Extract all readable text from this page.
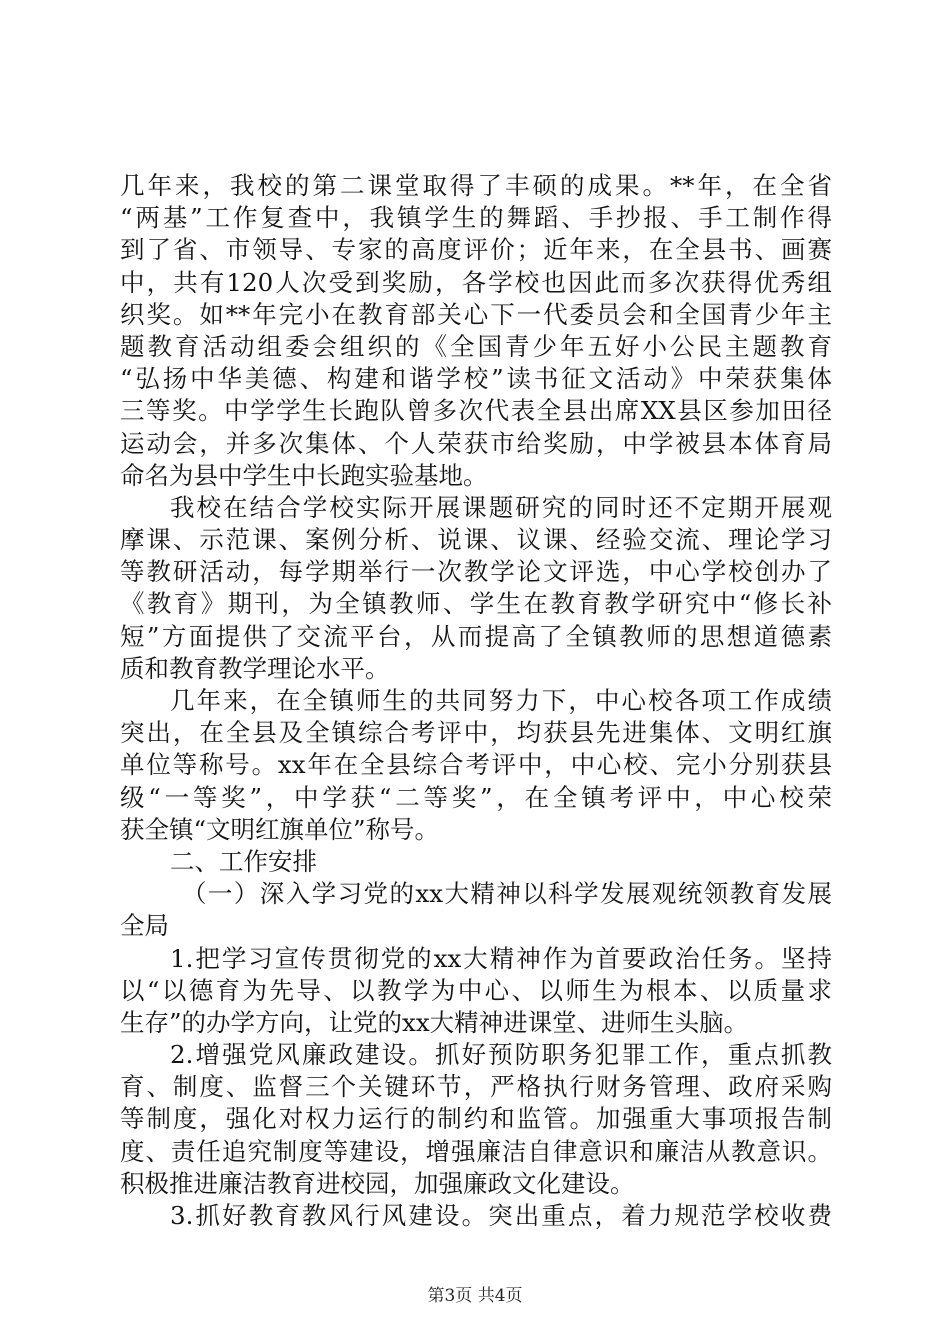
几年来，我校的第二课堂取得了丰硕的成果。**年，在全省
“两基”工作复查中，我镇学生的舞蹈、手抄报、手工制作得
到了省、市领导、专家的高度评价；近年来，在全县书、画赛
中，共有120人次受到奖励，各学校也因此而多次获得优秀组
织奖。如**年完小在教育部关心下一代委员会和全国青少年主
题教育活动组委会组织的《全国青少年五好小公民主题教育
“弘扬中华美德、构建和谐学校”读书征文活动》中荣获集体
三等奖。中学学生长跑队曾多次代表全县出席XX县区参加田径
运动会，并多次集体、个人荣获市给奖励，中学被县本体育局
命名为县中学生中长跑实验基地。
我校在结合学校实际开展课题研究的同时还不定期开展观
摩课、示范课、案例分析、说课、议课、经验交流、理论学习
等教研活动，每学期举行一次教学论文评选，中心学校创办了
《教育》期刊，为全镇教师、学生在教育教学研究中“修长补
短”方面提供了交流平台，从而提高了全镇教师的思想道德素
质和教育教学理论水平。
几年来，在全镇师生的共同努力下，中心校各项工作成绩
突出，在全县及全镇综合考评中，均获县先进集体、文明红旗
单位等称号。xx年在全县综合考评中，中心校、完小分别获县
级“一等奖”，中学获“二等奖”，在全镇考评中，中心校荣
获全镇“文明红旗单位”称号。
二、工作安排
（一）深入学习党的xx大精神以科学发展观统领教育发展
全局
1.把学习宣传贯彻党的xx大精神作为首要政治任务。坚持
以“以德育为先导、以教学为中心、以师生为根本、以质量求
生存”的办学方向，让党的xx大精神进课堂、进师生头脑。
2.增强党风廉政建设。抓好预防职务犯罪工作，重点抓教
育、制度、监督三个关键环节，严格执行财务管理、政府采购
等制度，强化对权力运行的制约和监管。加强重大事项报告制
度、责任追究制度等建设，增强廉洁自律意识和廉洁从教意识。
积极推进廉洁教育进校园，加强廉政文化建设。
3.抓好教育教风行风建设。突出重点，着力规范学校收费
第3页 共4页
